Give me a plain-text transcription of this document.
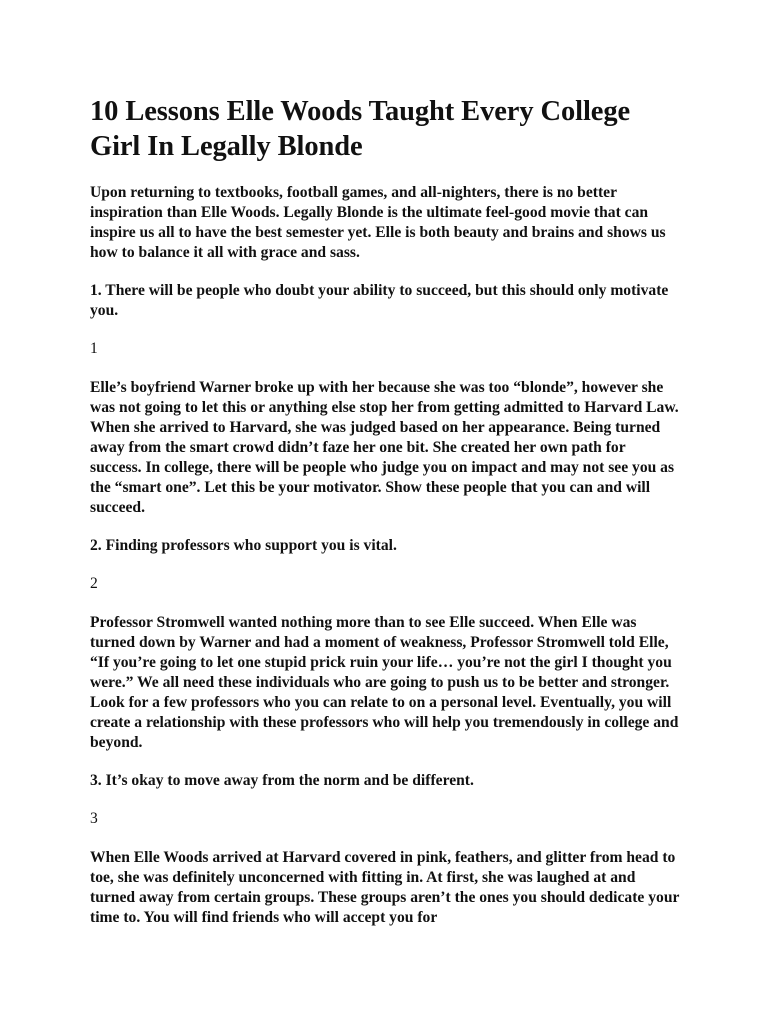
10 Lessons Elle Woods Taught Every College Girl In Legally Blonde

Upon returning to textbooks, football games, and all-nighters, there is no better inspiration than Elle Woods. Legally Blonde is the ultimate feel-good movie that can inspire us all to have the best semester yet. Elle is both beauty and brains and shows us how to balance it all with grace and sass.

1. There will be people who doubt your ability to succeed, but this should only motivate you.

1

Elle’s boyfriend Warner broke up with her because she was too “blonde”, however she was not going to let this or anything else stop her from getting admitted to Harvard Law. When she arrived to Harvard, she was judged based on her appearance. Being turned away from the smart crowd didn’t faze her one bit. She created her own path for success. In college, there will be people who judge you on impact and may not see you as the “smart one”. Let this be your motivator. Show these people that you can and will succeed.

2. Finding professors who support you is vital.

2

Professor Stromwell wanted nothing more than to see Elle succeed. When Elle was turned down by Warner and had a moment of weakness, Professor Stromwell told Elle, “If you’re going to let one stupid prick ruin your life… you’re not the girl I thought you were.” We all need these individuals who are going to push us to be better and stronger. Look for a few professors who you can relate to on a personal level. Eventually, you will create a relationship with these professors who will help you tremendously in college and beyond.

3. It’s okay to move away from the norm and be different.

3

When Elle Woods arrived at Harvard covered in pink, feathers, and glitter from head to toe, she was definitely unconcerned with fitting in. At first, she was laughed at and turned away from certain groups. These groups aren’t the ones you should dedicate your time to. You will find friends who will accept you for
